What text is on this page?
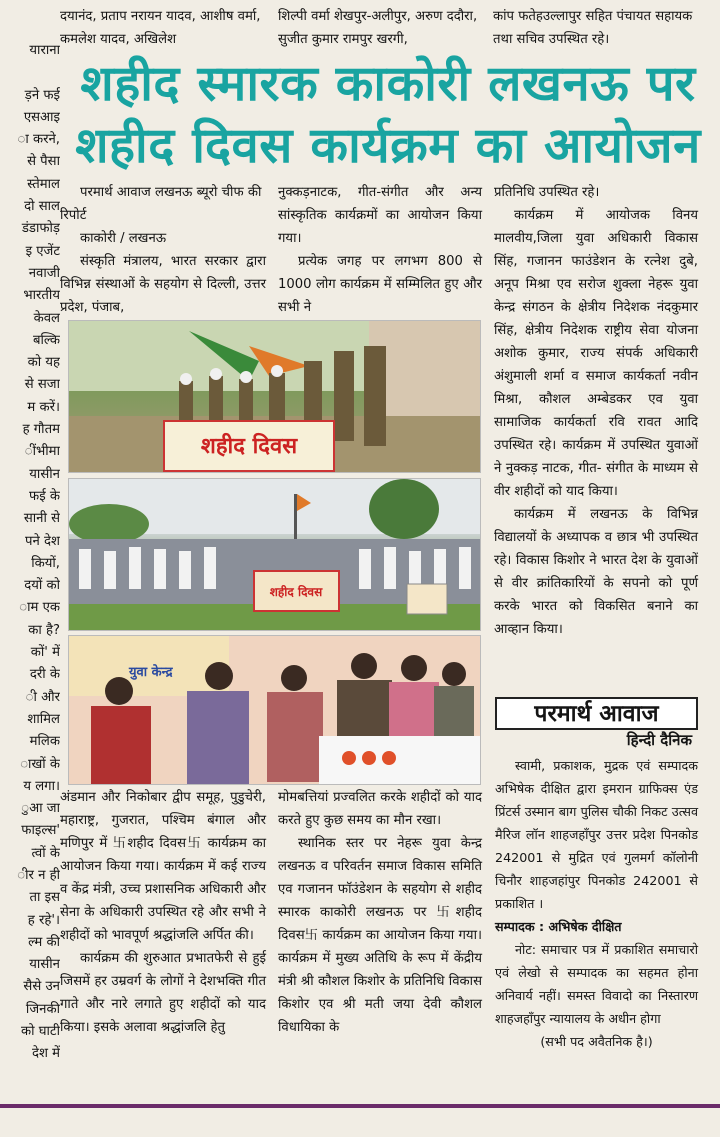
दयानंद, प्रताप नरायन यादव, आशीष वर्मा, कमलेश यादव, अखिलेश
शिल्पी वर्मा शेखपुर-अलीपुर, अरुण ददौरा, सुजीत कुमार रामपुर खरगी,
कांप फतेहउल्लापुर सहित पंचायत सहायक तथा सचिव उपस्थित रहे।
याराना

ड़ने फई
एसआइ
ा करने,
से पैसा
स्तेमाल
दो साल
डंडाफोड़
इ एजेंट
नवाजी
भारतीय
केवल
बल्कि
को यह
से सजा
म करें।
ह गौतम
ींभीमा
यासीन
फई के
सानी से
पने देश
कियों,
दयों को
ाम एक
का है?
कों' में
दरी के
ी और
शामिल
मलिक
ाखों के
य लगा।
ुआ जा
फाइल्स'
त्वों के
ीर न ही
ता इस
ह रहे'।
ल्म की
यासीन
सैसे उन
जिनकी
को घाटी
देश में
शहीद स्मारक काकोरी लखनऊ पर
शहीद दिवस कार्यक्रम का आयोजन

परमार्थ आवाज लखनऊ ब्यूरो चीफ की रिपोर्ट

काकोरी / लखनऊ

संस्कृति मंत्रालय, भारत सरकार द्वारा विभिन्न संस्थाओं के सहयोग से दिल्ली, उत्तर प्रदेश, पंजाब,

नुक्कड़नाटक, गीत-संगीत और अन्य सांस्कृतिक कार्यक्रमों का आयोजन किया गया।

प्रत्येक जगह पर लगभग 800 से 1000 लोग कार्यक्रम में सम्मिलित हुए और सभी ने

प्रतिनिधि उपस्थित रहे।

कार्यक्रम में आयोजक विनय मालवीय,जिला युवा अधिकारी विकास सिंह, गजानन फाउंडेशन के रत्नेश दुबे, अनूप मिश्रा एव सरोज शुक्ला नेहरू युवा केन्द्र संगठन के क्षेत्रीय निदेशक नंदकुमार सिंह, क्षेत्रीय निदेशक राष्ट्रीय सेवा योजना अशोक कुमार, राज्य संपर्क अधिकारी अंशुमाली शर्मा व समाज कार्यकर्ता नवीन मिश्रा, कौशल अम्बेडकर एव युवा सामाजिक कार्यकर्ता रवि रावत आदि उपस्थित रहे। कार्यक्रम में उपस्थित युवाओं ने नुक्कड़ नाटक, गीत- संगीत के माध्यम से वीर शहीदों को याद किया।

कार्यक्रम में लखनऊ के विभिन्न विद्यालयों के अध्यापक व छात्र भी उपस्थित रहे। विकास किशोर ने भारत देश के युवाओं से वीर क्रांतिकारियों के सपनो को पूर्ण करके भारत को विकसित बनाने का आव्हान किया।

शहीद दिवस
शहीद दिवस
युवा केन्द्र

अंडमान और निकोबार द्वीप समूह, पुडुचेरी, महाराष्ट्र, गुजरात, पश्चिम बंगाल और मणिपुर में 卐शहीद दिवस卐 कार्यक्रम का आयोजन किया गया। कार्यक्रम में कई राज्य व केंद्र मंत्री, उच्च प्रशासनिक अधिकारी और सेना के अधिकारी उपस्थित रहे और सभी ने शहीदों को भावपूर्ण श्रद्धांजलि अर्पित की।

कार्यक्रम की शुरुआत प्रभातफेरी से हुई जिसमें हर उम्रवर्ग के लोगों ने देशभक्ति गीत गाते और नारे लगाते हुए शहीदों को याद किया। इसके अलावा श्रद्धांजलि हेतु

मोमबत्तियां प्रज्वलित करके शहीदों को याद करते हुए कुछ समय का मौन रखा।

स्थानिक स्तर पर नेहरू युवा केन्द्र लखनऊ व परिवर्तन समाज विकास समिति एव गजानन फॉउंडेशन के सहयोग से शहीद स्मारक काकोरी लखनऊ पर 卐शहीद दिवस卐 कार्यक्रम का आयोजन किया गया। कार्यक्रम में मुख्य अतिथि के रूप में केंद्रीय मंत्री श्री कौशल किशोर के प्रतिनिधि विकास किशोर एव श्री मती जया देवी कौशल विधायिका के

परमार्थ आवाज
हिन्दी दैनिक

स्वामी, प्रकाशक, मुद्रक एवं सम्पादक अभिषेक दीक्षित द्वारा इमरान ग्राफिक्स एंड प्रिंटर्स उस्मान बाग पुलिस चौकी निकट उत्सव मैरिज लॉन शाहजहाँपुर उत्तर प्रदेश पिनकोड 242001 से मुद्रित एवं गुलमर्ग कॉलोनी चिनौर शाहजहांपुर पिनकोड 242001 से प्रकाशित ।

सम्पादक : अभिषेक दीक्षित

नोट: समाचार पत्र में प्रकाशित समाचारो एवं लेखो से सम्पादक का सहमत होना अनिवार्य नहीं। समस्त विवादो का निस्तारण शाहजहाँपुर न्यायालय के अधीन होगा

(सभी पद अवैतनिक है।)
